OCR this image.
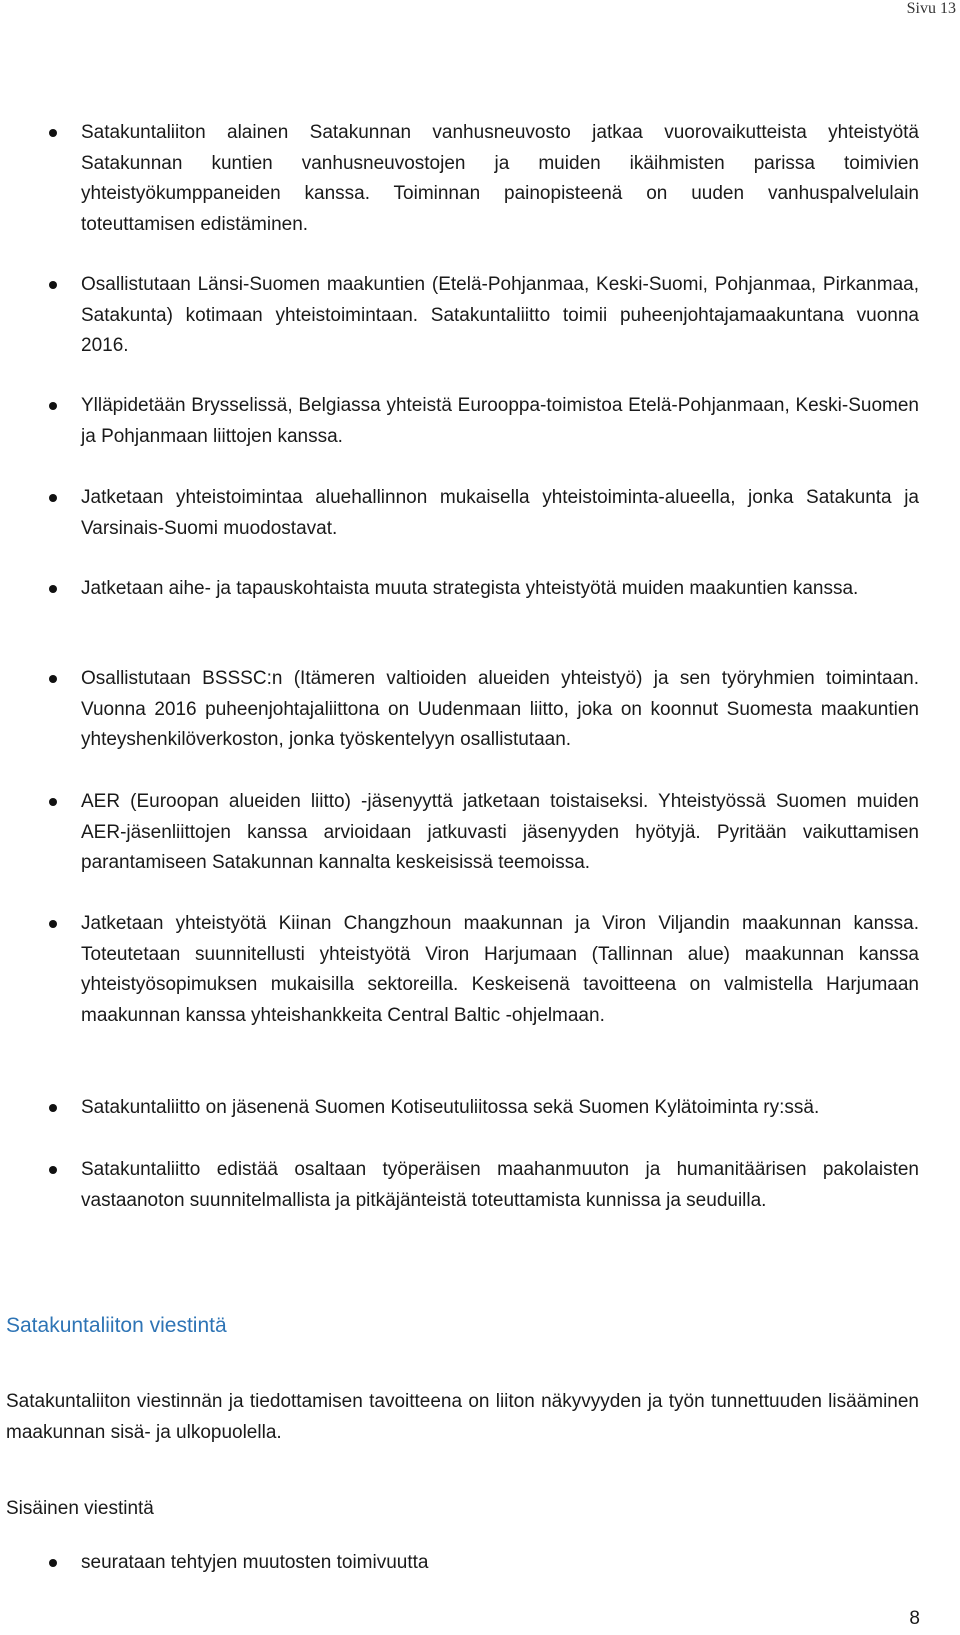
Sivu 13
Satakuntaliiton alainen Satakunnan vanhusneuvosto jatkaa vuorovaikutteista yhteistyötä Satakunnan kuntien vanhusneuvostojen ja muiden ikäihmisten parissa toimivien yhteistyökumppaneiden kanssa. Toiminnan painopisteenä on uuden vanhuspalvelulain toteuttamisen edistäminen.
Osallistutaan Länsi-Suomen maakuntien (Etelä-Pohjanmaa, Keski-Suomi, Pohjanmaa, Pirkanmaa, Satakunta) kotimaan yhteistoimintaan. Satakuntaliitto toimii puheenjohtajamaakuntana vuonna 2016.
Ylläpidetään Brysselissä, Belgiassa yhteistä Eurooppa-toimistoa Etelä-Pohjanmaan, Keski-Suomen ja Pohjanmaan liittojen kanssa.
Jatketaan yhteistoimintaa aluehallinnon mukaisella yhteistoiminta-alueella, jonka Satakunta ja Varsinais-Suomi muodostavat.
Jatketaan aihe- ja tapauskohtaista muuta strategista yhteistyötä muiden maakuntien kanssa.
Osallistutaan BSSSC:n (Itämeren valtioiden alueiden yhteistyö) ja sen työryhmien toimintaan. Vuonna 2016 puheenjohtajaliittona on Uudenmaan liitto, joka on koonnut Suomesta maakuntien yhteyshenkilöverkoston, jonka työskentelyyn osallistutaan.
AER (Euroopan alueiden liitto) -jäsenyyttä jatketaan toistaiseksi. Yhteistyössä Suomen muiden AER-jäsenliittojen kanssa arvioidaan jatkuvasti jäsenyyden hyötyjä. Pyritään vaikuttamisen parantamiseen Satakunnan kannalta keskeisissä teemoissa.
Jatketaan yhteistyötä Kiinan Changzhoun maakunnan ja Viron Viljandin maakunnan kanssa. Toteutetaan suunnitellusti yhteistyötä Viron Harjumaan (Tallinnan alue) maakunnan kanssa yhteistyösopimuksen mukaisilla sektoreilla. Keskeisenä tavoitteena on valmistella Harjumaan maakunnan kanssa yhteishankkeita Central Baltic -ohjelmaan.
Satakuntaliitto on jäsenenä Suomen Kotiseutuliitossa sekä Suomen Kylätoiminta ry:ssä.
Satakuntaliitto edistää osaltaan työperäisen maahanmuuton ja humanitäärisen pakolaisten vastaanoton suunnitelmallista ja pitkäjänteistä toteuttamista kunnissa ja seuduilla.
Satakuntaliiton viestintä

Satakuntaliiton viestinnän ja tiedottamisen tavoitteena on liiton näkyvyyden ja työn tunnettuuden lisääminen maakunnan sisä- ja ulkopuolella.

Sisäinen viestintä

seurataan tehtyjen muutosten toimivuutta
8
